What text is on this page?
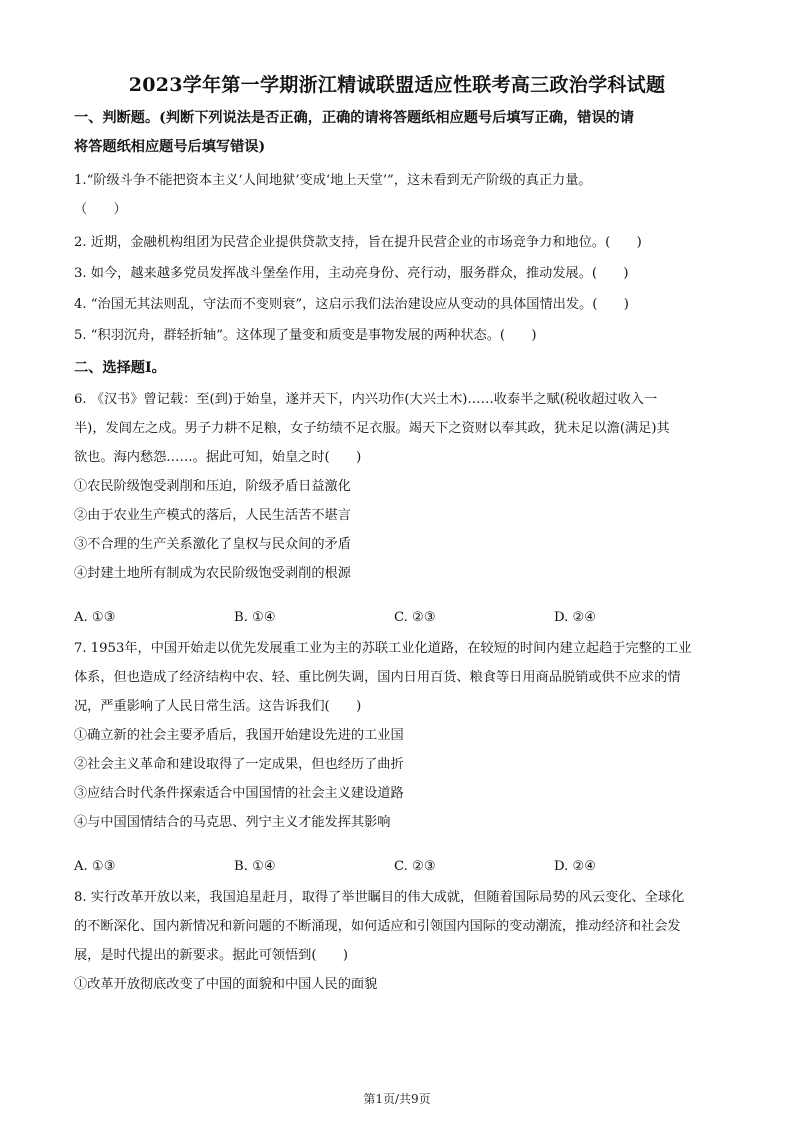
2023学年第一学期浙江精诚联盟适应性联考高三政治学科试题
一、判断题。(判断下列说法是否正确，正确的请将答题纸相应题号后填写正确，错误的请
将答题纸相应题号后填写错误)
1.“阶级斗争不能把资本主义‘人间地狱’变成‘地上天堂’”，这未看到无产阶级的真正力量。
（　　）
2. 近期，金融机构组团为民营企业提供贷款支持，旨在提升民营企业的市场竞争力和地位。(　　)
3. 如今，越来越多党员发挥战斗堡垒作用，主动亮身份、亮行动，服务群众，推动发展。(　　)
4. “治国无其法则乱，守法而不变则衰”，这启示我们法治建设应从变动的具体国情出发。(　　)
5. “积羽沉舟，群轻折轴”。这体现了量变和质变是事物发展的两种状态。(　　)
二、选择题Ⅰ。
6. 《汉书》曾记载：至(到)于始皇，遂并天下，内兴功作(大兴土木)……收泰半之赋(税收超过收入一
半)，发闾左之戍。男子力耕不足粮，女子纺绩不足衣服。竭天下之资财以奉其政，犹未足以澹(满足)其
欲也。海内愁怨……。据此可知，始皇之时(　　)
①农民阶级饱受剥削和压迫，阶级矛盾日益激化
②由于农业生产模式的落后，人民生活苦不堪言
③不合理的生产关系激化了皇权与民众间的矛盾
④封建土地所有制成为农民阶级饱受剥削的根源
A. ①③	B. ①④	C. ②③	D. ②④
7. 1953年，中国开始走以优先发展重工业为主的苏联工业化道路，在较短的时间内建立起趋于完整的工业
体系，但也造成了经济结构中农、轻、重比例失调，国内日用百货、粮食等日用商品脱销或供不应求的情
况，严重影响了人民日常生活。这告诉我们(　　)
①确立新的社会主要矛盾后，我国开始建设先进的工业国
②社会主义革命和建设取得了一定成果，但也经历了曲折
③应结合时代条件探索适合中国国情的社会主义建设道路
④与中国国情结合的马克思、列宁主义才能发挥其影响
A. ①③	B. ①④	C. ②③	D. ②④
8. 实行改革开放以来，我国追星赶月，取得了举世瞩目的伟大成就，但随着国际局势的风云变化、全球化
的不断深化、国内新情况和新问题的不断涌现，如何适应和引领国内国际的变动潮流，推动经济和社会发
展，是时代提出的新要求。据此可领悟到(　　)
①改革开放彻底改变了中国的面貌和中国人民的面貌
第1页/共9页
